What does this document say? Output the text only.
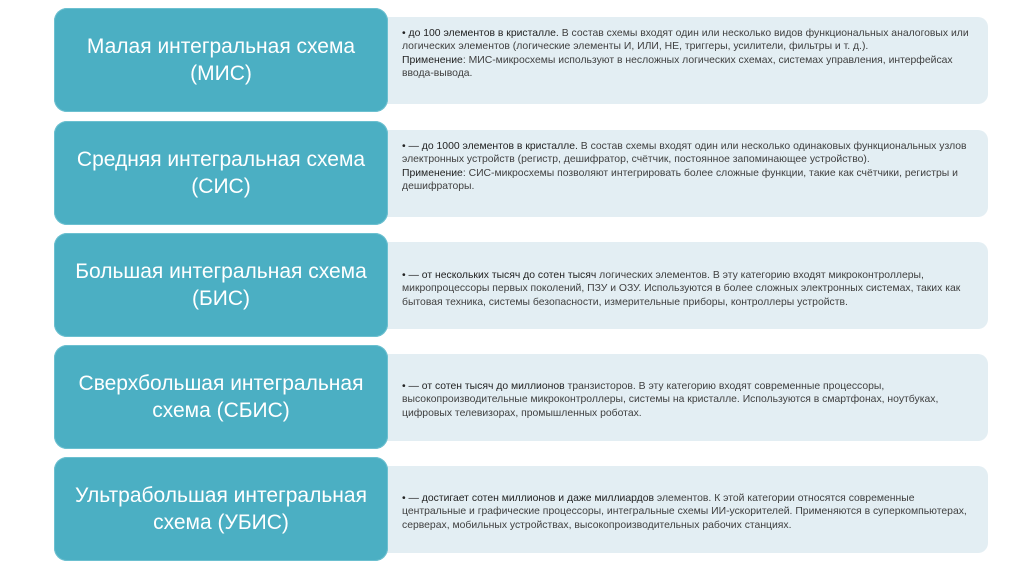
• до 100 элементов в кристалле. В состав схемы входят один или несколько видов функциональных аналоговых или логических элементов (логические элементы И, ИЛИ, НЕ, триггеры, усилители, фильтры и т. д.).

Применение: МИС-микросхемы используют в несложных логических схемах, системах управления, интерфейсах ввода-вывода.

Малая интегральная схема (МИС)

• — до 1000 элементов в кристалле. В состав схемы входят один или несколько одинаковых функциональных узлов электронных устройств (регистр, дешифратор, счётчик, постоянное запоминающее устройство).

Применение: СИС-микросхемы позволяют интегрировать более сложные функции, такие как счётчики, регистры и дешифраторы.

Средняя интегральная схема (СИС)

• — от нескольких тысяч до сотен тысяч логических элементов. В эту категорию входят микроконтроллеры, микропроцессоры первых поколений, ПЗУ и ОЗУ. Используются в более сложных электронных системах, таких как бытовая техника, системы безопасности, измерительные приборы, контроллеры устройств.

Большая интегральная схема (БИС)

• — от сотен тысяч до миллионов транзисторов. В эту категорию входят современные процессоры, высокопроизводительные микроконтроллеры, системы на кристалле. Используются в смартфонах, ноутбуках, цифровых телевизорах, промышленных роботах.

Сверхбольшая интегральная схема (СБИС)

• — достигает сотен миллионов и даже миллиардов элементов. К этой категории относятся современные центральные и графические процессоры, интегральные схемы ИИ-ускорителей. Применяются в суперкомпьютерах, серверах, мобильных устройствах, высокопроизводительных рабочих станциях.

Ультрабольшая интегральная схема (УБИС)
